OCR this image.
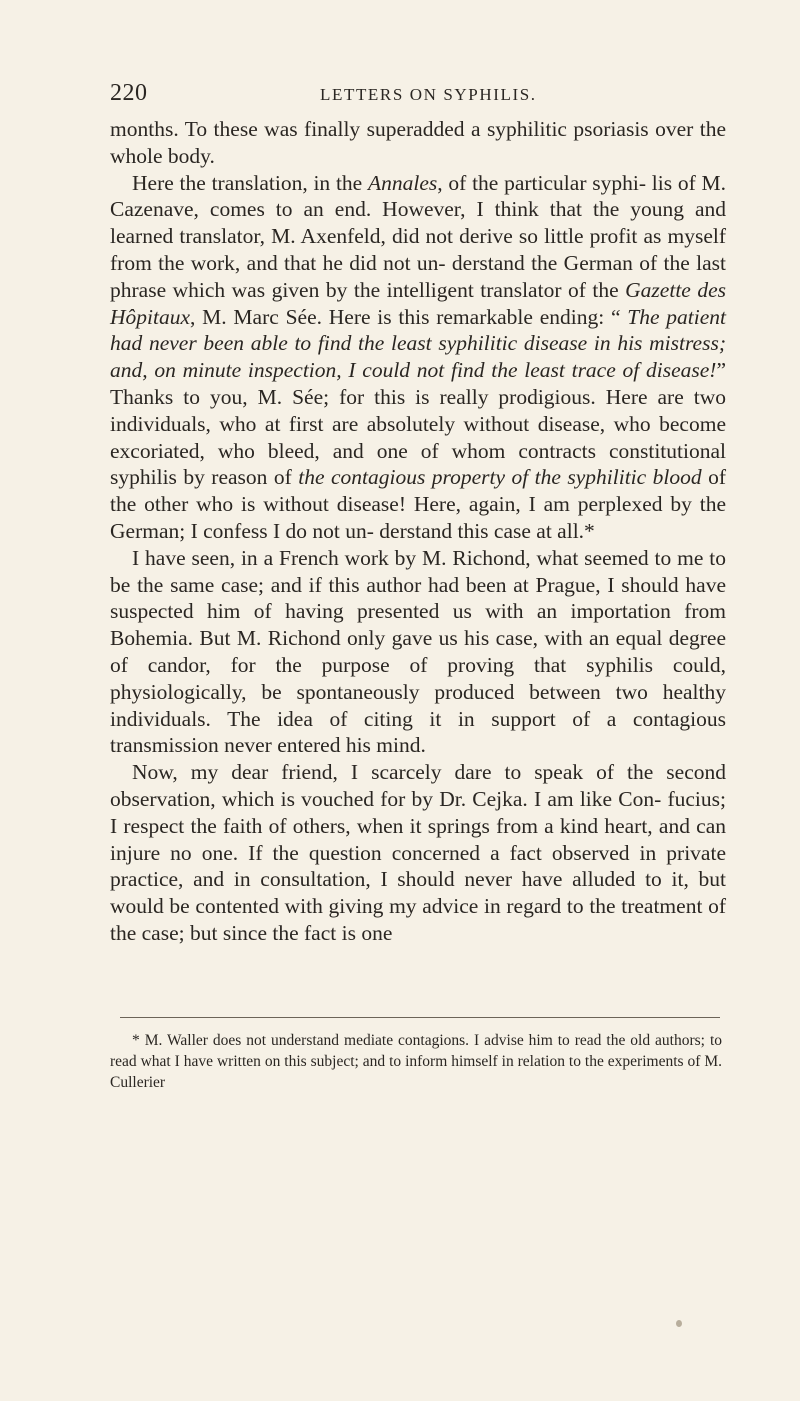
220	LETTERS ON SYPHILIS.

months. To these was finally superadded a syphilitic psoriasis over the whole body.

Here the translation, in the Annales, of the particular syphi- lis of M. Cazenave, comes to an end. However, I think that the young and learned translator, M. Axenfeld, did not derive so little profit as myself from the work, and that he did not un- derstand the German of the last phrase which was given by the intelligent translator of the Gazette des Hôpitaux, M. Marc Sée. Here is this remarkable ending: “ The patient had never been able to find the least syphilitic disease in his mistress; and, on minute inspection, I could not find the least trace of disease!” Thanks to you, M. Sée; for this is really prodigious. Here are two individuals, who at first are absolutely without disease, who become excoriated, who bleed, and one of whom contracts constitutional syphilis by reason of the contagious property of the syphilitic blood of the other who is without disease! Here, again, I am perplexed by the German; I confess I do not un- derstand this case at all.*

I have seen, in a French work by M. Richond, what seemed to me to be the same case; and if this author had been at Prague, I should have suspected him of having presented us with an importation from Bohemia. But M. Richond only gave us his case, with an equal degree of candor, for the purpose of proving that syphilis could, physiologically, be spontaneously produced between two healthy individuals. The idea of citing it in support of a contagious transmission never entered his mind.

Now, my dear friend, I scarcely dare to speak of the second observation, which is vouched for by Dr. Cejka. I am like Con- fucius; I respect the faith of others, when it springs from a kind heart, and can injure no one. If the question concerned a fact observed in private practice, and in consultation, I should never have alluded to it, but would be contented with giving my advice in regard to the treatment of the case; but since the fact is one

* M. Waller does not understand mediate contagions. I advise him to read the old authors; to read what I have written on this subject; and to inform himself in relation to the experiments of M. Cullerier
